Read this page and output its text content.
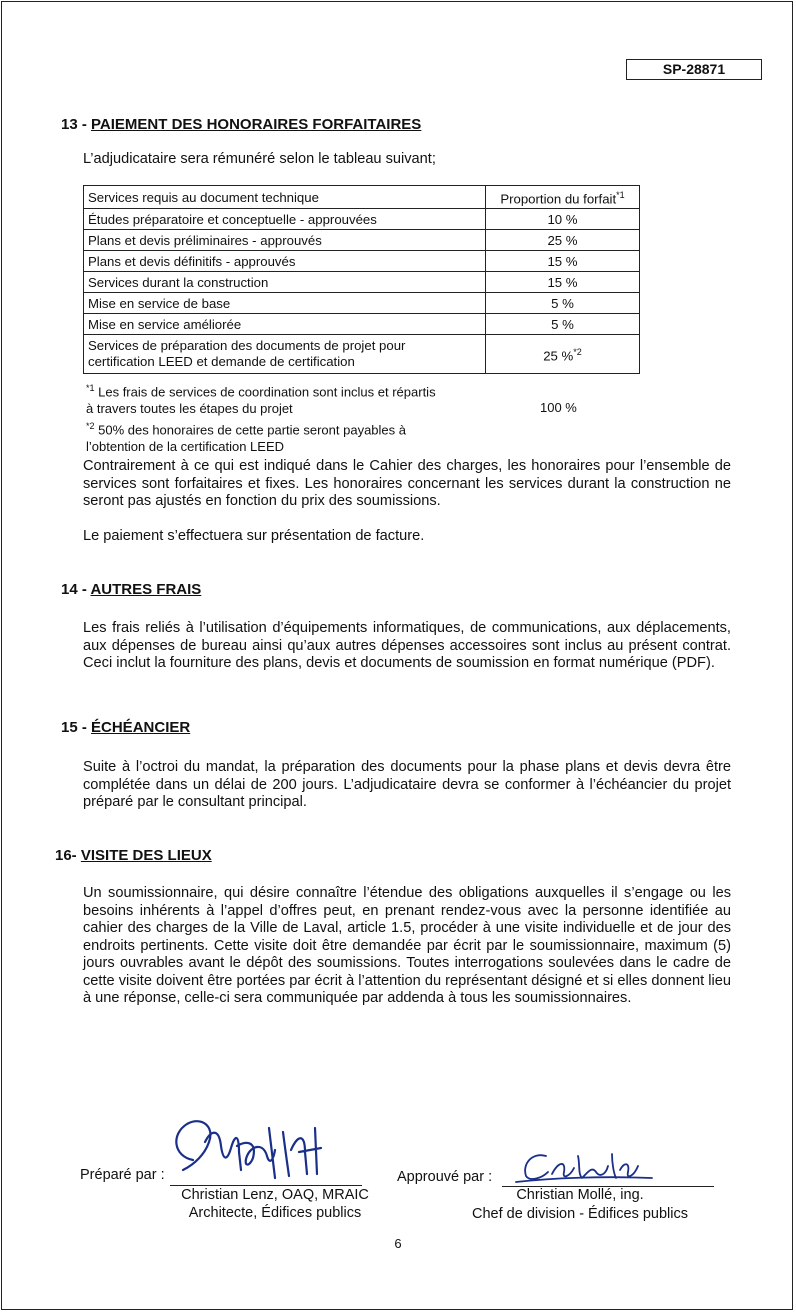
SP-28871
13 - PAIEMENT DES HONORAIRES FORFAITAIRES
L’adjudicataire sera rémunéré selon le tableau suivant;
Services requis au document technique	Proportion du forfait$^{*1}$
Études préparatoire et conceptuelle - approuvées	10 %
Plans et devis préliminaires - approuvés	25 %
Plans et devis définitifs - approuvés	15 %
Services durant la construction	15 %
Mise en service de base	5 %
Mise en service améliorée	5 %
Services de préparation des documents de projet pour
certification LEED et demande de certification	25 %$^{*2}$
$^{*1}$ Les frais de services de coordination sont inclus et répartis
à travers toutes les étapes du projet	100 %
$^{*2}$ 50% des honoraires de cette partie seront payables à
l’obtention de la certification LEED
Contrairement à ce qui est indiqué dans le Cahier des charges, les honoraires pour l’ensemble de services sont forfaitaires et fixes. Les honoraires concernant les services durant la construction ne seront pas ajustés en fonction du prix des soumissions.
Le paiement s’effectuera sur présentation de facture.
14 - AUTRES FRAIS
Les frais reliés à l’utilisation d’équipements informatiques, de communications, aux déplacements, aux dépenses de bureau ainsi qu’aux autres dépenses accessoires sont inclus au présent contrat. Ceci inclut la fourniture des plans, devis et documents de soumission en format numérique (PDF).
15 - ÉCHÉANCIER
Suite à l’octroi du mandat, la préparation des documents pour la phase plans et devis devra être complétée dans un délai de 200 jours. L’adjudicataire devra se conformer à l’échéancier du projet préparé par le consultant principal.
16- VISITE DES LIEUX
Un soumissionnaire, qui désire connaître l’étendue des obligations auxquelles il s’engage ou les besoins inhérents à l’appel d’offres peut, en prenant rendez-vous avec la personne identifiée au cahier des charges de la Ville de Laval, article 1.5, procéder à une visite individuelle et de jour des endroits pertinents. Cette visite doit être demandée par écrit par le soumissionnaire, maximum (5) jours ouvrables avant le dépôt des soumissions. Toutes interrogations soulevées dans le cadre de cette visite doivent être portées par écrit à l’attention du représentant désigné et si elles donnent lieu à une réponse, celle-ci sera communiquée par addenda à tous les soumissionnaires.
Préparé par :
Christian Lenz, OAQ, MRAIC
Architecte, Édifices publics
Approuvé par :
Christian Mollé, ing.
Chef de division - Édifices publics
6
